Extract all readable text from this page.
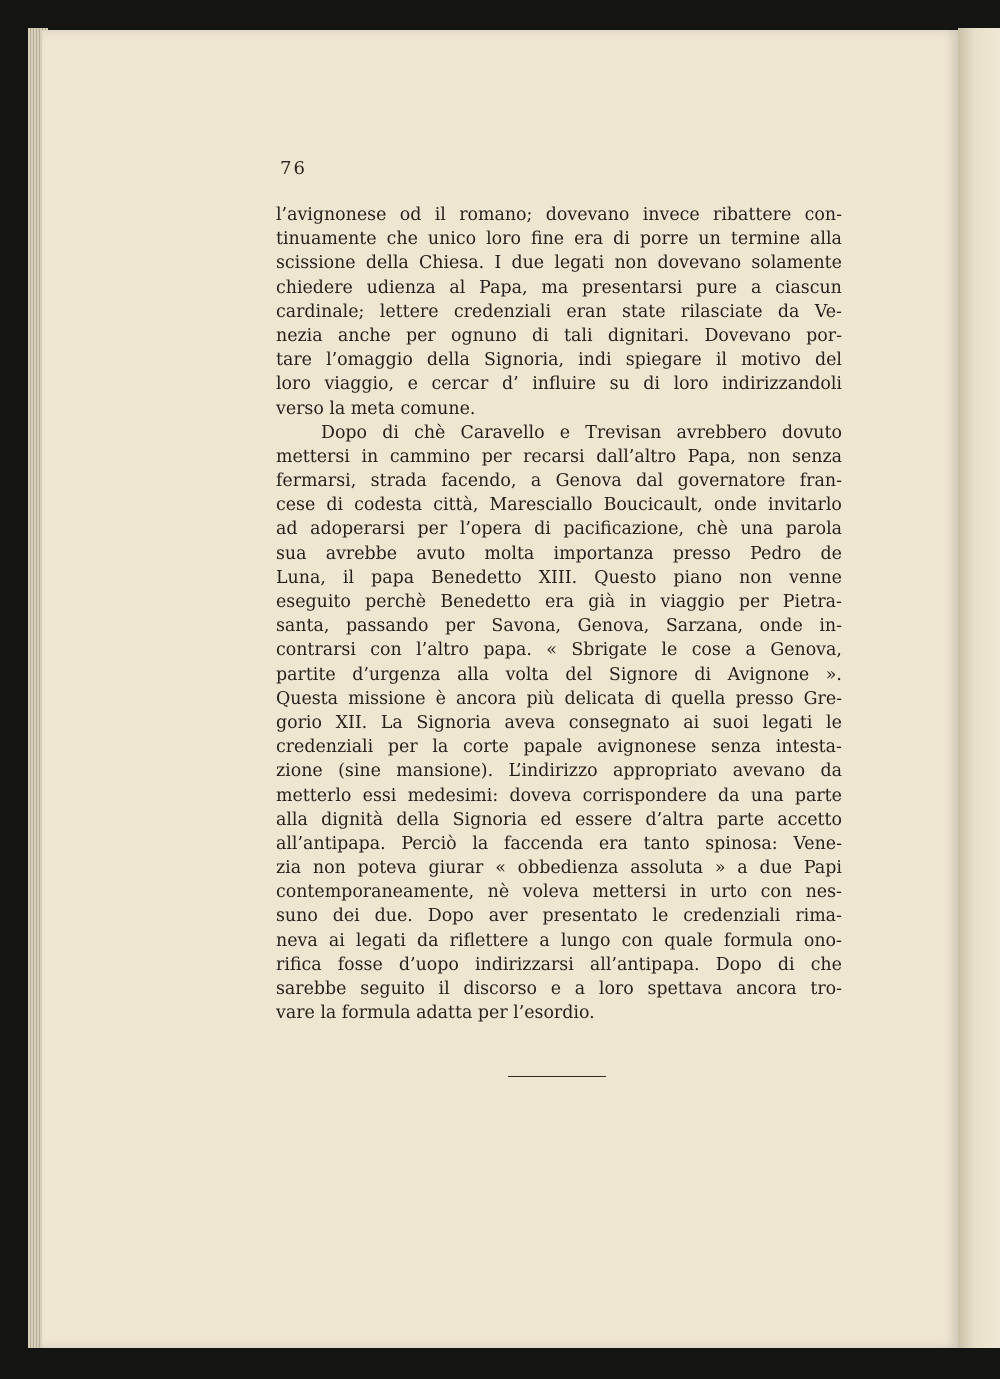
76
l’avignonese od il romano; dovevano invece ribattere con-
tinuamente che unico loro fine era di porre un termine alla
scissione della Chiesa. I due legati non dovevano solamente
chiedere udienza al Papa, ma presentarsi pure a ciascun
cardinale; lettere credenziali eran state rilasciate da Ve-
nezia anche per ognuno di tali dignitari. Dovevano por-
tare l’omaggio della Signoria, indi spiegare il motivo del
loro viaggio, e cercar d’ influire su di loro indirizzandoli
verso la meta comune.
Dopo di chè Caravello e Trevisan avrebbero dovuto
mettersi in cammino per recarsi dall’altro Papa, non senza
fermarsi, strada facendo, a Genova dal governatore fran-
cese di codesta città, Maresciallo Boucicault, onde invitarlo
ad adoperarsi per l’opera di pacificazione, chè una parola
sua avrebbe avuto molta importanza presso Pedro de
Luna, il papa Benedetto XIII. Questo piano non venne
eseguito perchè Benedetto era già in viaggio per Pietra-
santa, passando per Savona, Genova, Sarzana, onde in-
contrarsi con l’altro papa. « Sbrigate le cose a Genova,
partite d’urgenza alla volta del Signore di Avignone ».
Questa missione è ancora più delicata di quella presso Gre-
gorio XII. La Signoria aveva consegnato ai suoi legati le
credenziali per la corte papale avignonese senza intesta-
zione (sine mansione). L’indirizzo appropriato avevano da
metterlo essi medesimi: doveva corrispondere da una parte
alla dignità della Signoria ed essere d’altra parte accetto
all’antipapa. Perciò la faccenda era tanto spinosa: Vene-
zia non poteva giurar « obbedienza assoluta » a due Papi
contemporaneamente, nè voleva mettersi in urto con nes-
suno dei due. Dopo aver presentato le credenziali rima-
neva ai legati da riflettere a lungo con quale formula ono-
rifica fosse d’uopo indirizzarsi all’antipapa. Dopo di che
sarebbe seguito il discorso e a loro spettava ancora tro-
vare la formula adatta per l’esordio.
